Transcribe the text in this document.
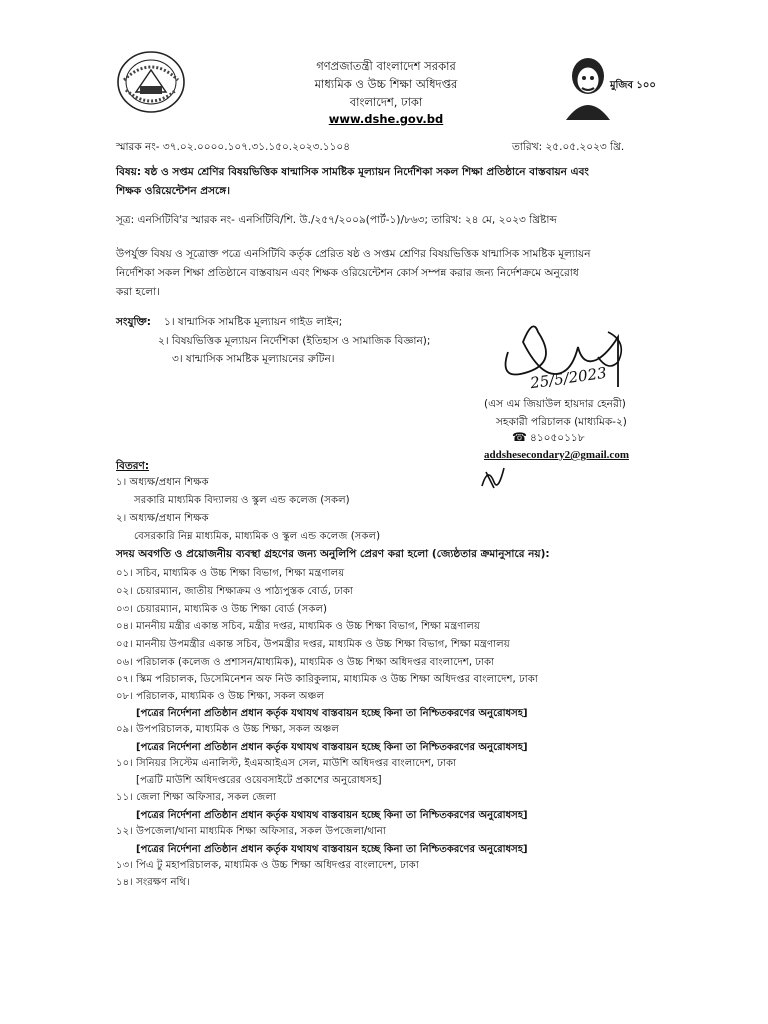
মুজিব ১০০
গণপ্রজাতন্ত্রী বাংলাদেশ সরকার
মাধ্যমিক ও উচ্চ শিক্ষা অধিদপ্তর
বাংলাদেশ, ঢাকা
www.dshe.gov.bd
স্মারক নং- ৩৭.০২.০০০০.১০৭.৩১.১৫০.২০২৩.১১০৪	তারিখ: ২৫.০৫.২০২৩ খ্রি.
বিষয়: ষষ্ঠ ও সপ্তম শ্রেণির বিষয়ভিত্তিক ষান্মাসিক সামষ্টিক মূল্যায়ন নির্দেশিকা সকল শিক্ষা প্রতিষ্ঠানে বাস্তবায়ন এবং
শিক্ষক ওরিয়েন্টেশন প্রসঙ্গে।
সূত্র: এনসিটিবি'র স্মারক নং- এনসিটিবি/শি. উ./২৫৭/২০০৯(পার্ট-১)/৮৬৩; তারিখ: ২৪ মে, ২০২৩ খ্রিষ্টাব্দ
উপর্যুক্ত বিষয় ও সূত্রোক্ত পত্রে এনসিটিবি কর্তৃক প্রেরিত ষষ্ঠ ও সপ্তম শ্রেণির বিষয়ভিত্তিক ষান্মাসিক সামষ্টিক মূল্যায়ন
নির্দেশিকা সকল শিক্ষা প্রতিষ্ঠানে বাস্তবায়ন এবং শিক্ষক ওরিয়েন্টেশন কোর্স সম্পন্ন করার জন্য নির্দেশক্রমে অনুরোধ
করা হলো।
সংযুক্তি: ১। ষান্মাসিক সামষ্টিক মূল্যায়ন গাইড লাইন;
২। বিষয়ভিত্তিক মূল্যায়ন নির্দেশিকা (ইতিহাস ও সামাজিক বিজ্ঞান);
৩। ষান্মাসিক সামষ্টিক মূল্যায়নের রুটিন।
25/5/2023
(এস এম জিয়াউল হায়দার হেনরী)
সহকারী পরিচালক (মাধ্যমিক-২)
☎ ৪১০৫০১১৮
addshesecondary2@gmail.com
বিতরণ:
১। অধ্যক্ষ/প্রধান শিক্ষক
সরকারি মাধ্যমিক বিদ্যালয় ও স্কুল এন্ড কলেজ (সকল)
২। অধ্যক্ষ/প্রধান শিক্ষক
বেসরকারি নিম্ন মাধ্যমিক, মাধ্যমিক ও স্কুল এন্ড কলেজ (সকল)
সদয় অবগতি ও প্রয়োজনীয় ব্যবস্থা গ্রহণের জন্য অনুলিপি প্রেরণ করা হলো (জ্যেষ্ঠতার ক্রমানুসারে নয়):
০১। সচিব, মাধ্যমিক ও উচ্চ শিক্ষা বিভাগ, শিক্ষা মন্ত্রণালয়
০২। চেয়ারম্যান, জাতীয় শিক্ষাক্রম ও পাঠ্যপুস্তক বোর্ড, ঢাকা
০৩। চেয়ারম্যান, মাধ্যমিক ও উচ্চ শিক্ষা বোর্ড (সকল)
০৪। মাননীয় মন্ত্রীর একান্ত সচিব, মন্ত্রীর দপ্তর, মাধ্যমিক ও উচ্চ শিক্ষা বিভাগ, শিক্ষা মন্ত্রণালয়
০৫। মাননীয় উপমন্ত্রীর একান্ত সচিব, উপমন্ত্রীর দপ্তর, মাধ্যমিক ও উচ্চ শিক্ষা বিভাগ, শিক্ষা মন্ত্রণালয়
০৬। পরিচালক (কলেজ ও প্রশাসন/মাধ্যমিক), মাধ্যমিক ও উচ্চ শিক্ষা অধিদপ্তর বাংলাদেশ, ঢাকা
০৭। স্কিম পরিচালক, ডিসেমিনেশন অফ নিউ কারিকুলাম, মাধ্যমিক ও উচ্চ শিক্ষা অধিদপ্তর বাংলাদেশ, ঢাকা
০৮। পরিচালক, মাধ্যমিক ও উচ্চ শিক্ষা, সকল অঞ্চল
[পত্রের নির্দেশনা প্রতিষ্ঠান প্রধান কর্তৃক যথাযথ বাস্তবায়ন হচ্ছে কিনা তা নিশ্চিতকরণের অনুরোধসহ]
০৯। উপপরিচালক, মাধ্যমিক ও উচ্চ শিক্ষা, সকল অঞ্চল
[পত্রের নির্দেশনা প্রতিষ্ঠান প্রধান কর্তৃক যথাযথ বাস্তবায়ন হচ্ছে কিনা তা নিশ্চিতকরণের অনুরোধসহ]
১০। সিনিয়র সিস্টেম এনালিস্ট, ইএমআইএস সেল, মাউশি অধিদপ্তর বাংলাদেশ, ঢাকা
[পত্রটি মাউশি অধিদপ্তরের ওয়েবসাইটে প্রকাশের অনুরোধসহ]
১১। জেলা শিক্ষা অফিসার, সকল জেলা
[পত্রের নির্দেশনা প্রতিষ্ঠান প্রধান কর্তৃক যথাযথ বাস্তবায়ন হচ্ছে কিনা তা নিশ্চিতকরণের অনুরোধসহ]
১২। উপজেলা/থানা মাধ্যমিক শিক্ষা অফিসার, সকল উপজেলা/থানা
[পত্রের নির্দেশনা প্রতিষ্ঠান প্রধান কর্তৃক যথাযথ বাস্তবায়ন হচ্ছে কিনা তা নিশ্চিতকরণের অনুরোধসহ]
১৩। পিএ টু মহাপরিচালক, মাধ্যমিক ও উচ্চ শিক্ষা অধিদপ্তর বাংলাদেশ, ঢাকা
১৪। সংরক্ষণ নথি।
